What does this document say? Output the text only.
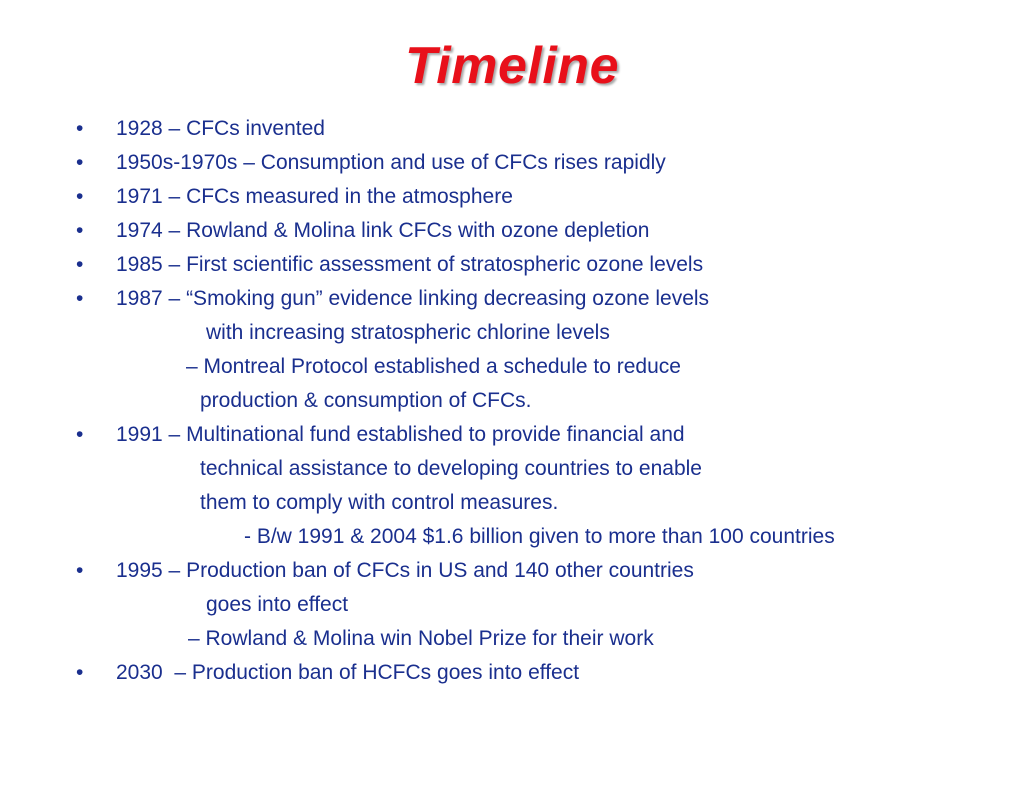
Timeline

•

1928 – CFCs invented

•

1950s-1970s – Consumption and use of CFCs rises rapidly

•

1971 – CFCs measured in the atmosphere

•

1974 – Rowland & Molina link CFCs with ozone depletion

•

1985 – First scientific assessment of stratospheric ozone levels

•

1987 – “Smoking gun” evidence linking decreasing ozone levels

with increasing stratospheric chlorine levels

– Montreal Protocol established a schedule to reduce

production & consumption of CFCs.

•

1991 – Multinational fund established to provide financial and

technical assistance to developing countries to enable

them to comply with control measures.

- B/w 1991 & 2004 $1.6 billion given to more than 100 countries

•

1995 – Production ban of CFCs in US and 140 other countries

goes into effect

– Rowland & Molina win Nobel Prize for their work

•

2030  – Production ban of HCFCs goes into effect
